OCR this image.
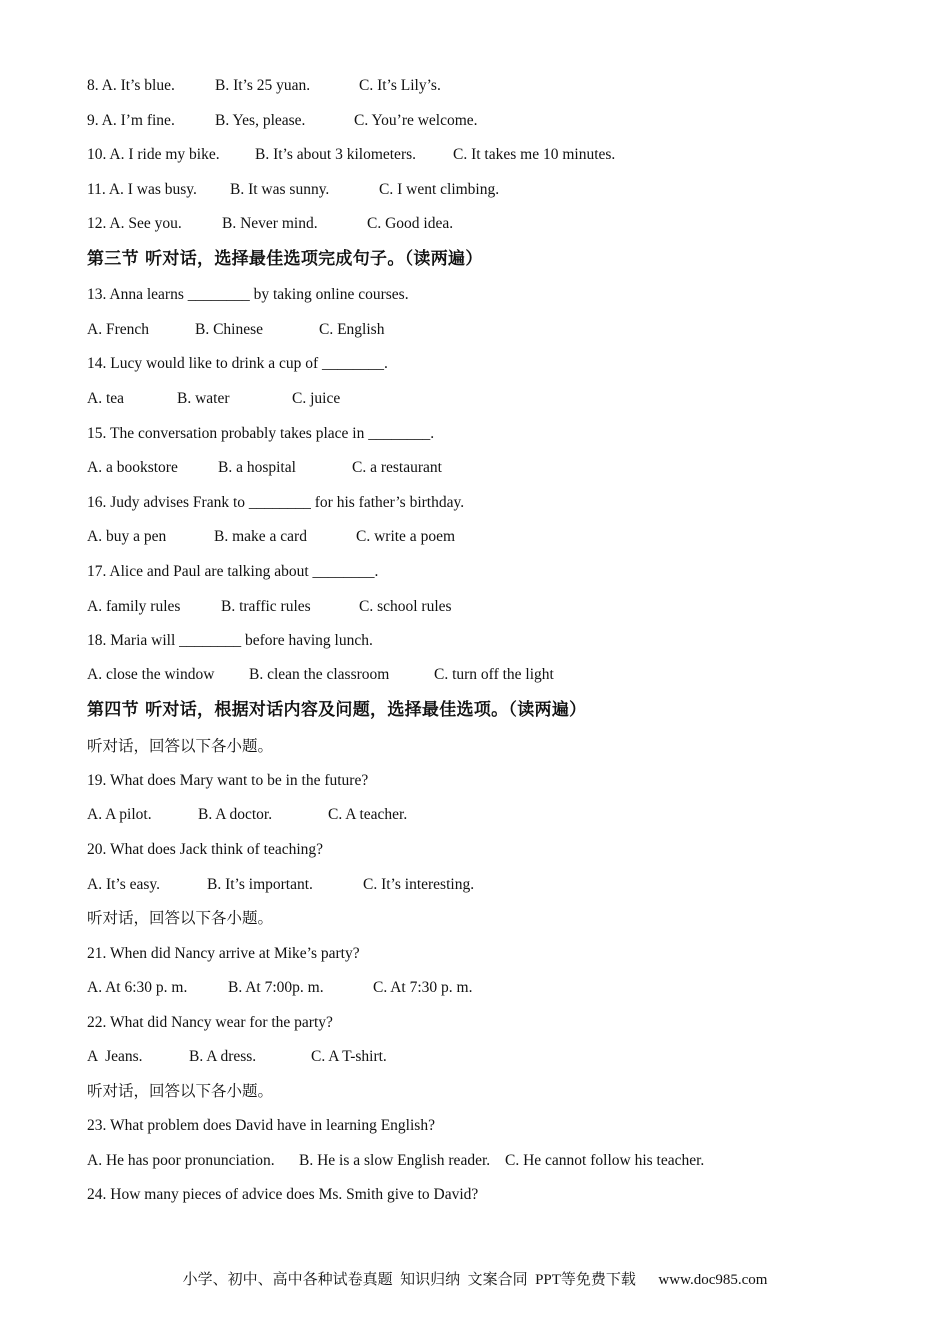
8. A. It’s blue.	B. It’s 25 yuan.	C. It’s Lily’s.
9. A. I’m fine.	B. Yes, please.	C. You’re welcome.
10. A. I ride my bike. B. It’s about 3 kilometers. C. It takes me 10 minutes.
11. A. I was busy. B. It was sunny.	C. I went climbing.
12. A. See you.	B. Never mind.	C. Good idea.
第三节 听对话，选择最佳选项完成句子。（读两遍）
13. Anna learns ________ by taking online courses.
A. French	B. Chinese	C. English
14. Lucy would like to drink a cup of ________.
A. tea	B. water	C. juice
15. The conversation probably takes place in ________.
A. a bookstore	B. a hospital	C. a restaurant
16. Judy advises Frank to ________ for his father’s birthday.
A. buy a pen	B. make a card	C. write a poem
17. Alice and Paul are talking about ________.
A. family rules	B. traffic rules	C. school rules
18. Maria will ________ before having lunch.
A. close the window B. clean the classroom	C. turn off the light
第四节 听对话，根据对话内容及问题，选择最佳选项。（读两遍）
听对话，回答以下各小题。
19. What does Mary want to be in the future?
A. A pilot.	B. A doctor.	C. A teacher.
20. What does Jack think of teaching?
A. It’s easy.	B. It’s important.	C. It’s interesting.
听对话，回答以下各小题。
21. When did Nancy arrive at Mike’s party?
A. At 6:30 p. m.	B. At 7:00p. m.	C. At 7:30 p. m.
22. What did Nancy wear for the party?
A  Jeans.	B. A dress.	C. A T-shirt.
听对话，回答以下各小题。
23. What problem does David have in learning English?
A. He has poor pronunciation. B. He is a slow English reader. C. He cannot follow his teacher.
24. How many pieces of advice does Ms. Smith give to David?
小学、初中、高中各种试卷真题  知识归纳  文案合同  PPT等免费下载 www.doc985.com
